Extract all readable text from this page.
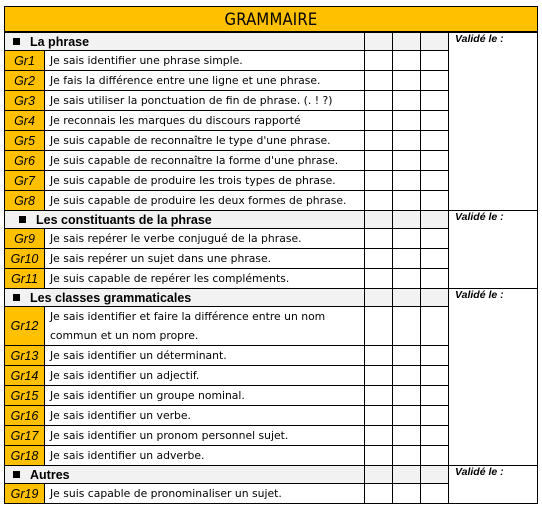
GRAMMAIRE					
La phrase					Validé le :
Gr1	Je sais identifier une phrase simple.				
Gr2	Je fais la différence entre une ligne et une phrase.				
Gr3	Je sais utiliser la ponctuation de fin de phrase. (. ! ?)				
Gr4	Je reconnais les marques du discours rapporté				
Gr5	Je suis capable de reconnaître le type d'une phrase.				
Gr6	Je suis capable de reconnaître la forme d'une phrase.				
Gr7	Je suis capable de produire les trois types de phrase.				
Gr8	Je suis capable de produire les deux formes de phrase.				
Les constituants de la phrase					Validé le :
Gr9	Je sais repérer le verbe conjugué de la phrase.				
Gr10	Je sais repérer un sujet dans une phrase.				
Gr11	Je suis capable de repérer les compléments.				
Les classes grammaticales					Validé le :
Gr12	Je sais identifier et faire la différence entre un nom commun et un nom propre.				
Gr13	Je sais identifier un déterminant.				
Gr14	Je sais identifier un adjectif.				
Gr15	Je sais identifier un groupe nominal.				
Gr16	Je sais identifier un verbe.				
Gr17	Je sais identifier un pronom personnel sujet.				
Gr18	Je sais identifier un adverbe.				
Autres					Validé le :
Gr19	Je suis capable de pronominaliser un sujet.				
